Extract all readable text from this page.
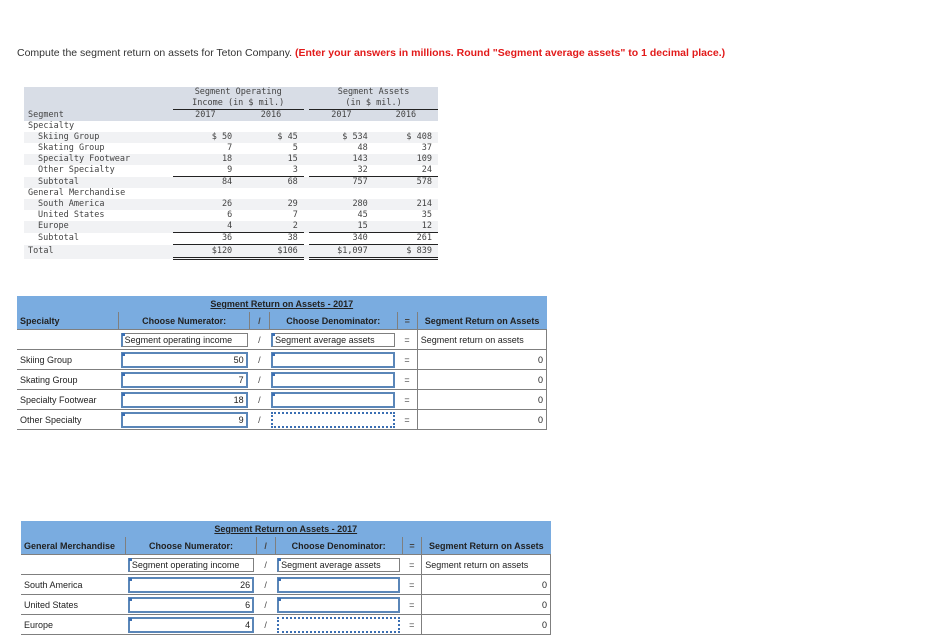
Compute the segment return on assets for Teton Company. (Enter your answers in millions. Round "Segment average assets" to 1 decimal place.)
	Segment Operating			Segment Assets	
	Income (in $ mil.)			(in $ mil.)	
Segment	2017	2016		2017	2016
Specialty					
Skiing Group	$ 50	$ 45		$ 534	$ 408
Skating Group	7	5		48	37
Specialty Footwear	18	15		143	109
Other Specialty	9	3		32	24
Subtotal	84	68		757	578
General Merchandise					
South America	26	29		280	214
United States	6	7		45	35
Europe	4	2		15	12
Subtotal	36	38		340	261
Total	$120	$106		$1,097	$ 839
Segment Return on Assets - 2017					
Specialty	Choose Numerator:	/	Choose Denominator:	=	Segment Return on Assets

	Segment operating income	/	Segment average assets	=	Segment return on assets
Skiing Group	50	/		=	0
Skating Group	7	/		=	0
Specialty Footwear	18	/		=	0
Other Specialty	9	/		=	0
Segment Return on Assets - 2017					
General Merchandise	Choose Numerator:	/	Choose Denominator:	=	Segment Return on Assets

	Segment operating income	/	Segment average assets	=	Segment return on assets
South America	26	/		=	0
United States	6	/		=	0
Europe	4	/		=	0
